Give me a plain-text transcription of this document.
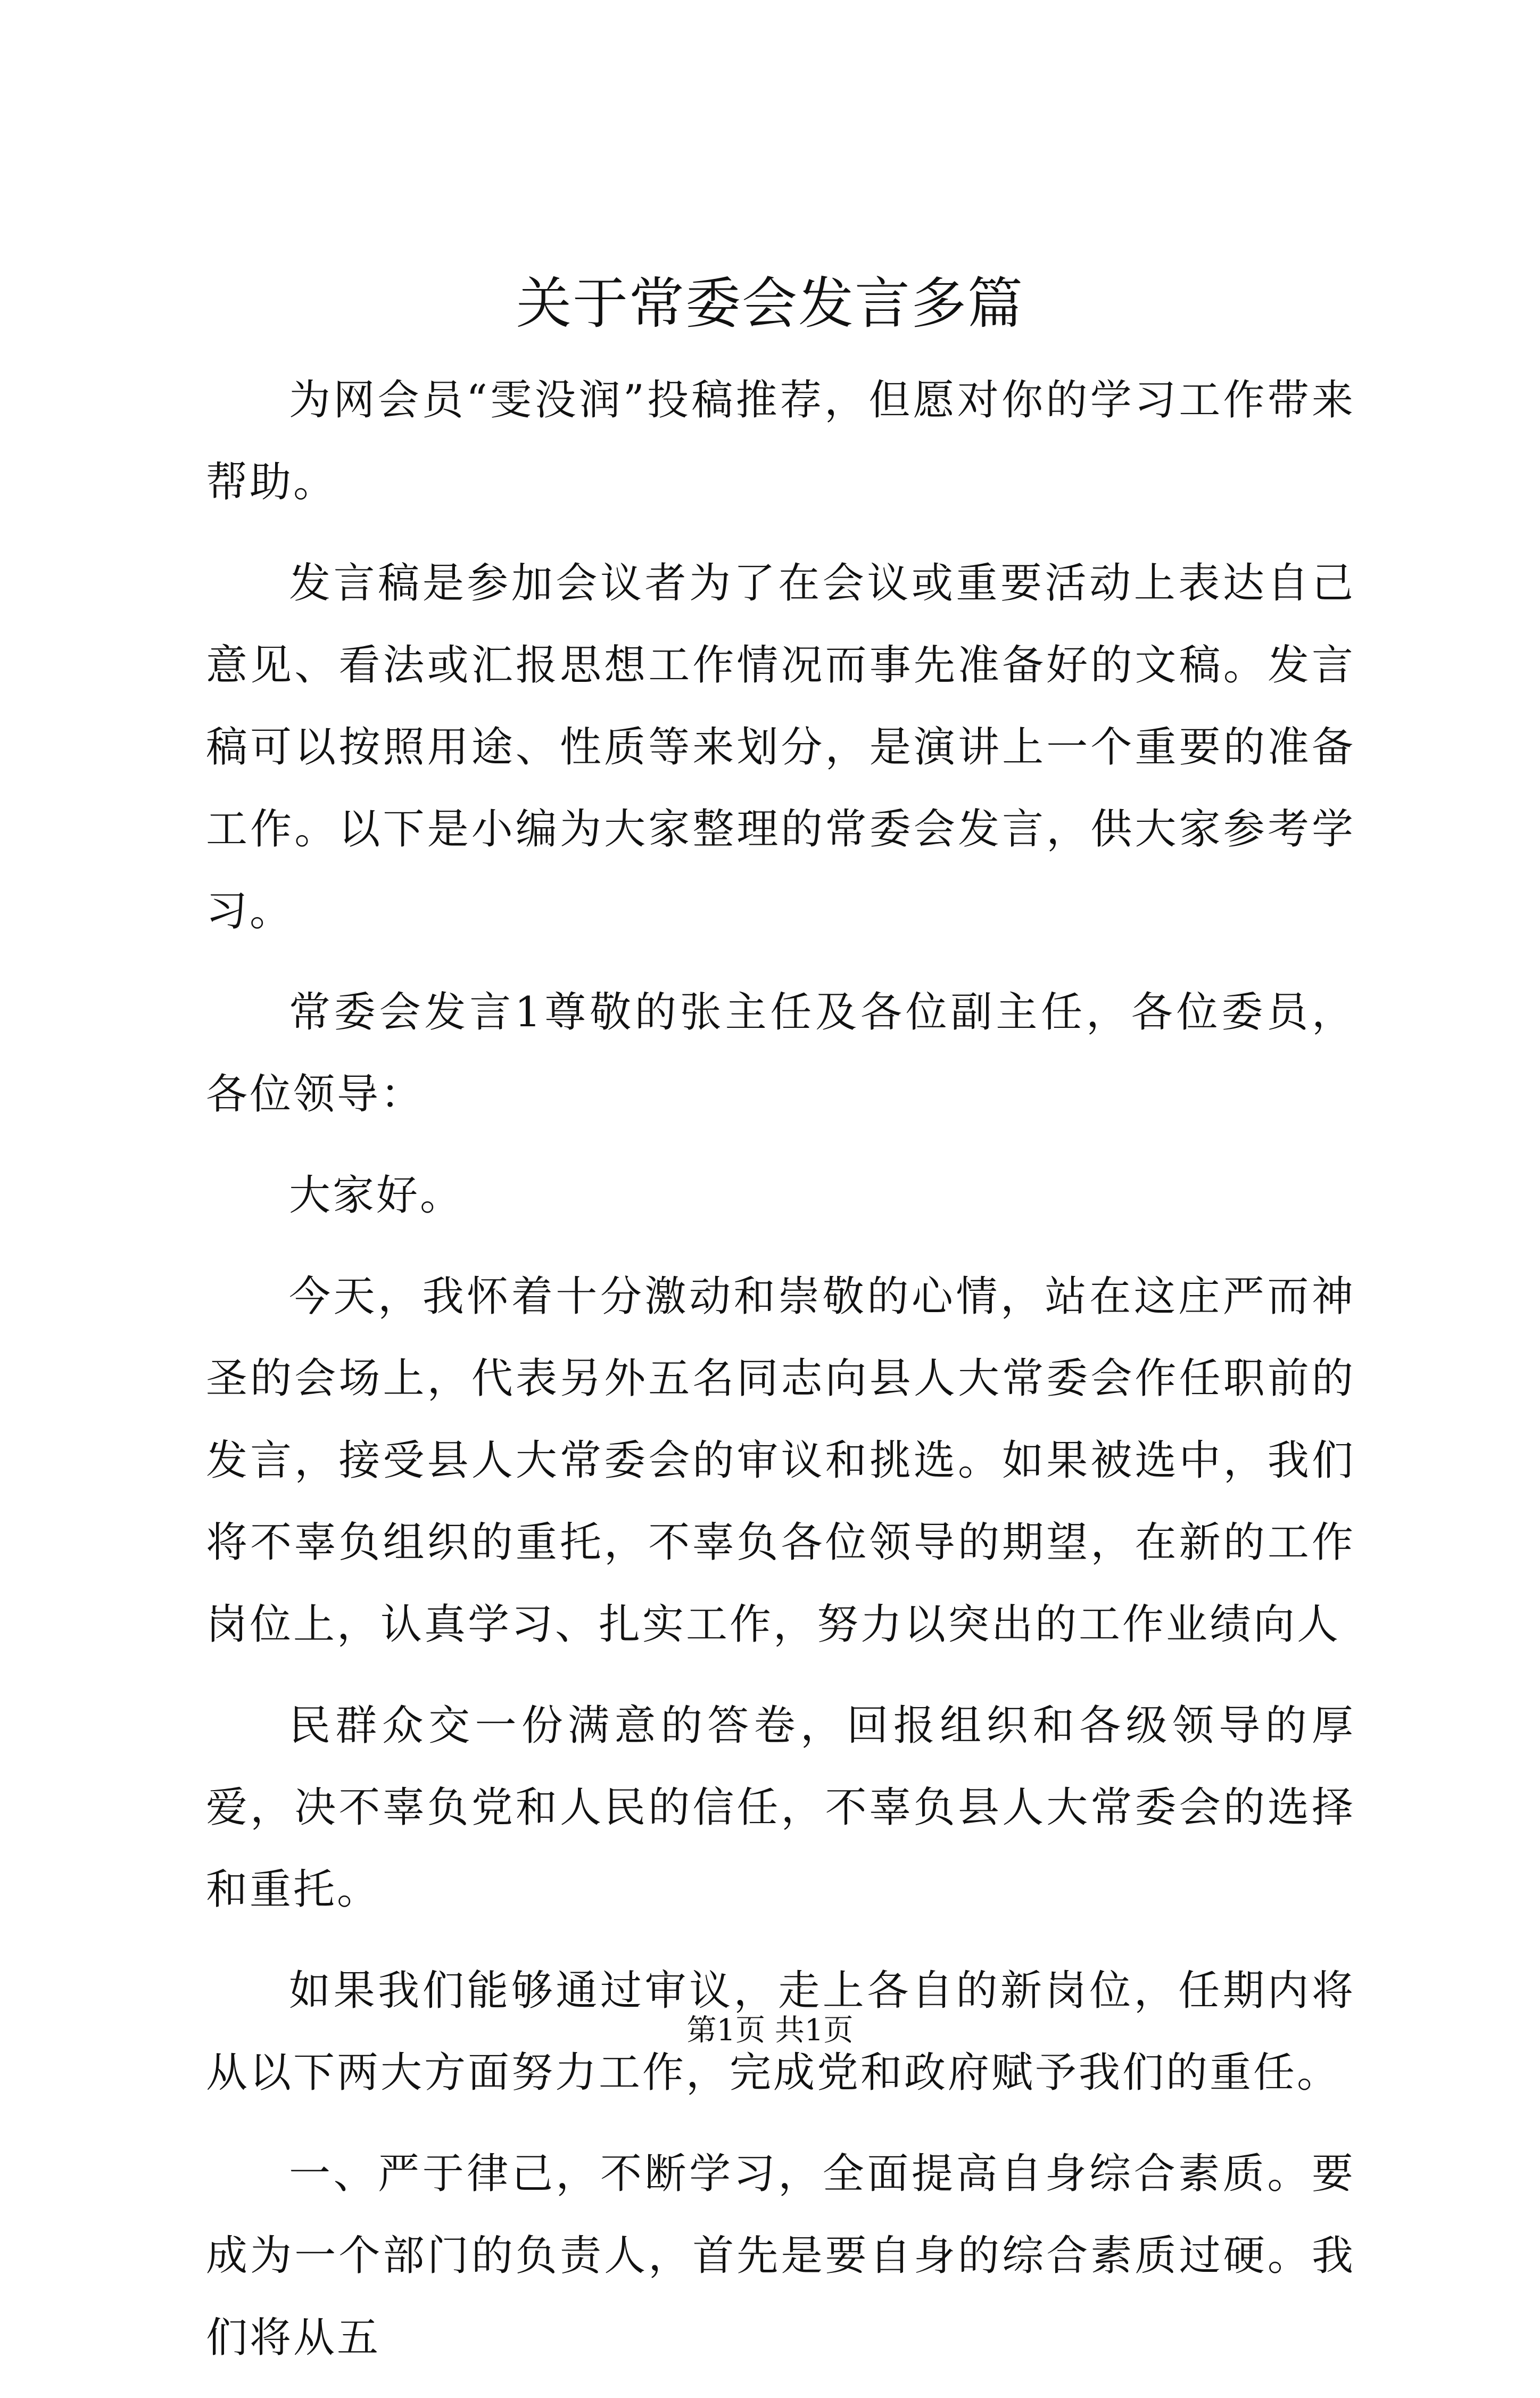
关于常委会发言多篇

为网会员“雯没润”投稿推荐，但愿对你的学习工作带来帮助。

发言稿是参加会议者为了在会议或重要活动上表达自己意见、看法或汇报思想工作情况而事先准备好的文稿。发言稿可以按照用途、性质等来划分，是演讲上一个重要的准备工作。以下是小编为大家整理的常委会发言，供大家参考学习。

常委会发言1尊敬的张主任及各位副主任，各位委员，各位领导：

大家好。

今天，我怀着十分激动和崇敬的心情，站在这庄严而神圣的会场上，代表另外五名同志向县人大常委会作任职前的发言，接受县人大常委会的审议和挑选。如果被选中，我们将不辜负组织的重托，不辜负各位领导的期望，在新的工作岗位上，认真学习、扎实工作，努力以突出的工作业绩向人

民群众交一份满意的答卷，回报组织和各级领导的厚爱，决不辜负党和人民的信任，不辜负县人大常委会的选择和重托。

如果我们能够通过审议，走上各自的新岗位，任期内将从以下两大方面努力工作，完成党和政府赋予我们的重任。

一、严于律己，不断学习，全面提高自身综合素质。要成为一个部门的负责人，首先是要自身的综合素质过硬。我们将从五

第1页 共1页
